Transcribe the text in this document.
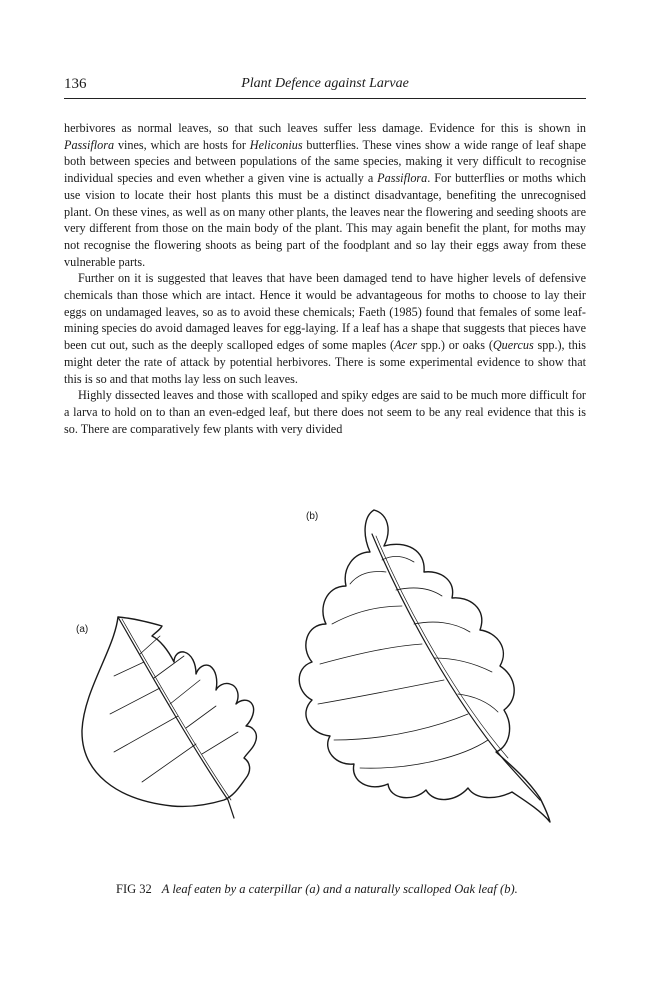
136	Plant Defence against Larvae

herbivores as normal leaves, so that such leaves suffer less damage. Evidence for this is shown in Passiflora vines, which are hosts for Heliconius butterflies. These vines show a wide range of leaf shape both between species and between populations of the same species, making it very difficult to recognise individual species and even whether a given vine is actually a Passiflora. For butterflies or moths which use vision to locate their host plants this must be a distinct disadvantage, benefiting the unrecognised plant. On these vines, as well as on many other plants, the leaves near the flowering and seeding shoots are very different from those on the main body of the plant. This may again benefit the plant, for moths may not recognise the flowering shoots as being part of the foodplant and so lay their eggs away from these vulnerable parts.

Further on it is suggested that leaves that have been damaged tend to have higher levels of defensive chemicals than those which are intact. Hence it would be advantageous for moths to choose to lay their eggs on undamaged leaves, so as to avoid these chemicals; Faeth (1985) found that females of some leaf-mining species do avoid damaged leaves for egg-laying. If a leaf has a shape that suggests that pieces have been cut out, such as the deeply scalloped edges of some maples (Acer spp.) or oaks (Quercus spp.), this might deter the rate of attack by potential herbivores. There is some experimental evidence to show that this is so and that moths lay less on such leaves.

Highly dissected leaves and those with scalloped and spiky edges are said to be much more difficult for a larva to hold on to than an even-edged leaf, but there does not seem to be any real evidence that this is so. There are comparatively few plants with very divided

(a)
(b)
FIG 32 A leaf eaten by a caterpillar (a) and a naturally scalloped Oak leaf (b).
